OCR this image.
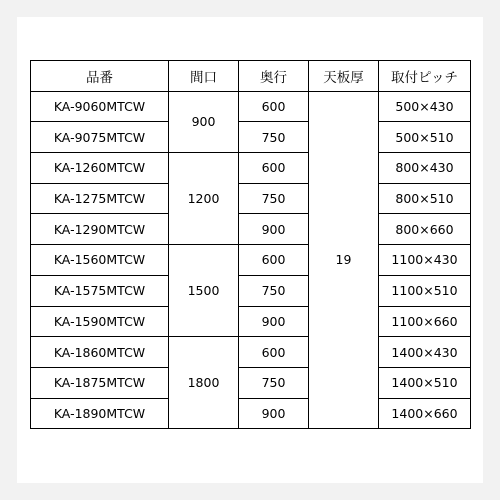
品番	間口	奥行	天板厚	取付ピッチ
KA-9060MTCW	900	600	19	500×430
KA-9075MTCW		750		500×510
KA-1260MTCW	1200	600		800×430
KA-1275MTCW		750		800×510
KA-1290MTCW		900		800×660
KA-1560MTCW	1500	600		1100×430
KA-1575MTCW		750		1100×510
KA-1590MTCW		900		1100×660
KA-1860MTCW	1800	600		1400×430
KA-1875MTCW		750		1400×510
KA-1890MTCW		900		1400×660
